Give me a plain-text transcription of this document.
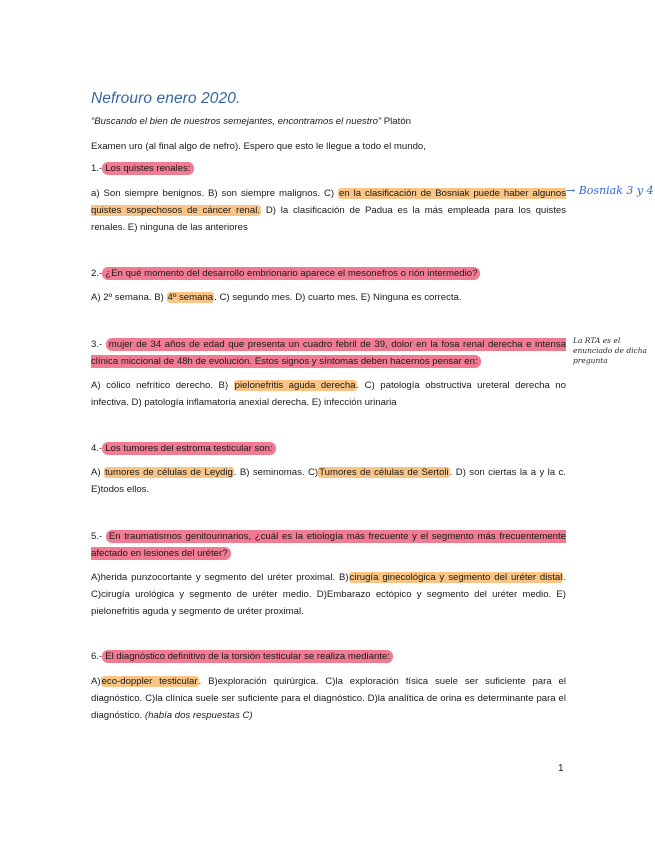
Nefrouro enero 2020.
“Buscando el bien de nuestros semejantes, encontramos el nuestro” Platón
Examen uro (al final algo de nefro). Espero que esto le llegue a todo el mundo,
1.- Los quistes renales:
a) Son siempre benignos. B) son siempre malignos. C) en la clasificación de Bosniak puede haber algunos quistes sospechosos de cáncer renal. D) la clasificación de Padua es la más empleada para los quistes renales. E) ninguna de las anteriores
→ Bosniak 3 y 4
2.- ¿En qué momento del desarrollo embrionario aparece el mesonefros o rión intermedio?
A) 2º semana. B) 4º semana. C) segundo mes. D) cuarto mes. E) Ninguna es correcta.
3.- mujer de 34 años de edad que presenta un cuadro febril de 39, dolor en la fosa renal derecha e intensa clínica miccional de 48h de evolución. Estos signos y síntomas deben hacernos pensar en:
La RTA es el enunciado de dicha pregunta
A) cólico nefrítico derecho. B) pielonefritis aguda derecha. C) patología obstructiva ureteral derecha no infectiva. D) patología inflamatoria anexial derecha. E) infección urinaria
4.- Los tumores del estroma testicular son:
A) tumores de células de Leydig. B) seminomas. C)Tumores de células de Sertoli. D) son ciertas la a y la c. E)todos ellos.
5.- En traumatismos genitourinarios, ¿cuál es la etiología más frecuente y el segmento más frecuentemente afectado en lesiones del uréter?
A)herida punzocortante y segmento del uréter proximal. B)cirugía ginecológica y segmento del uréter distal. C)cirugía urológica y segmento de uréter medio. D)Embarazo ectópico y segmento del uréter medio. E) pielonefritis aguda y segmento de uréter proximal.
6.- El diagnóstico definitivo de la torsión testicular se realiza mediante:
A)eco-doppler testicular. B)exploración quirúrgica. C)la exploración física suele ser suficiente para el diagnóstico. C)la clínica suele ser suficiente para el diagnóstico. D)la analítica de orina es determinante para el diagnóstico. (había dos respuestas C)
1
